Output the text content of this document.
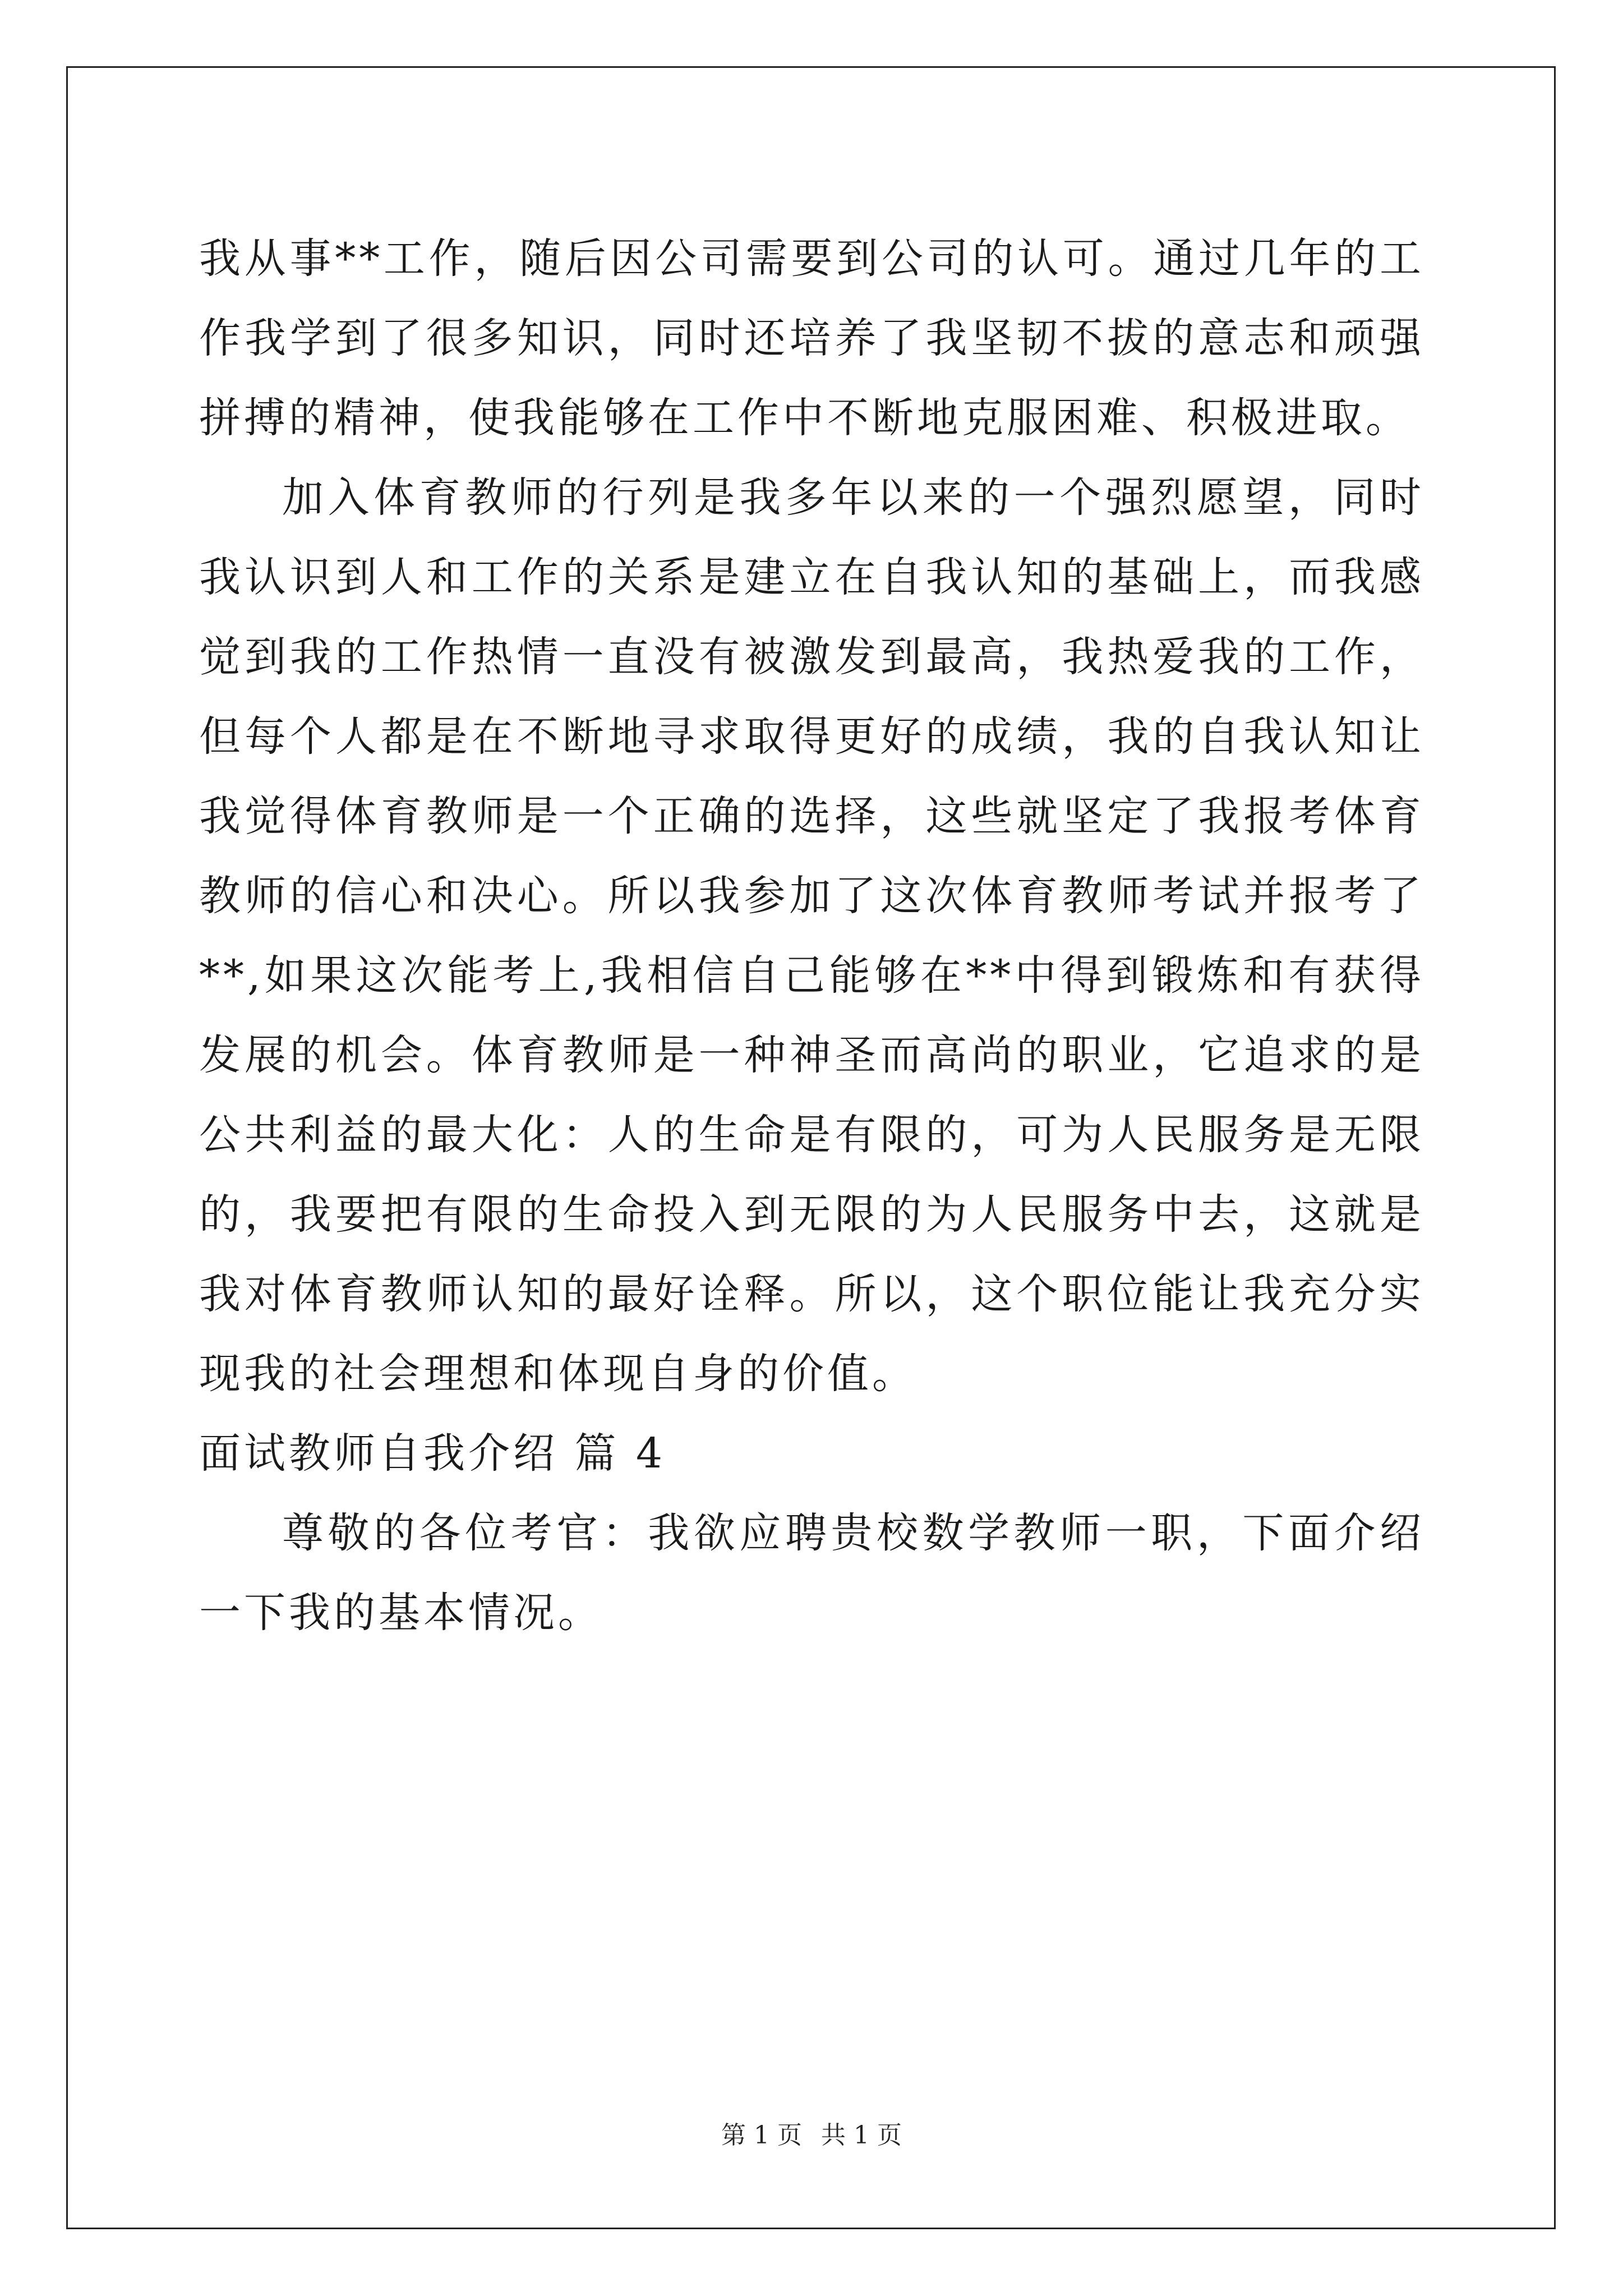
我从事**工作，随后因公司需要到公司的认可。通过几年的工作我学到了很多知识，同时还培养了我坚韧不拔的意志和顽强拼搏的精神，使我能够在工作中不断地克服困难、积极进取。

加入体育教师的行列是我多年以来的一个强烈愿望，同时我认识到人和工作的关系是建立在自我认知的基础上，而我感觉到我的工作热情一直没有被激发到最高，我热爱我的工作，但每个人都是在不断地寻求取得更好的成绩，我的自我认知让我觉得体育教师是一个正确的选择，这些就坚定了我报考体育教师的信心和决心。所以我参加了这次体育教师考试并报考了**,如果这次能考上,我相信自己能够在**中得到锻炼和有获得发展的机会。体育教师是一种神圣而高尚的职业，它追求的是公共利益的最大化：人的生命是有限的，可为人民服务是无限的，我要把有限的生命投入到无限的为人民服务中去，这就是我对体育教师认知的最好诠释。所以，这个职位能让我充分实现我的社会理想和体现自身的价值。

面试教师自我介绍 篇 4

尊敬的各位考官：我欲应聘贵校数学教师一职，下面介绍一下我的基本情况。

第 1 页 共 1 页
